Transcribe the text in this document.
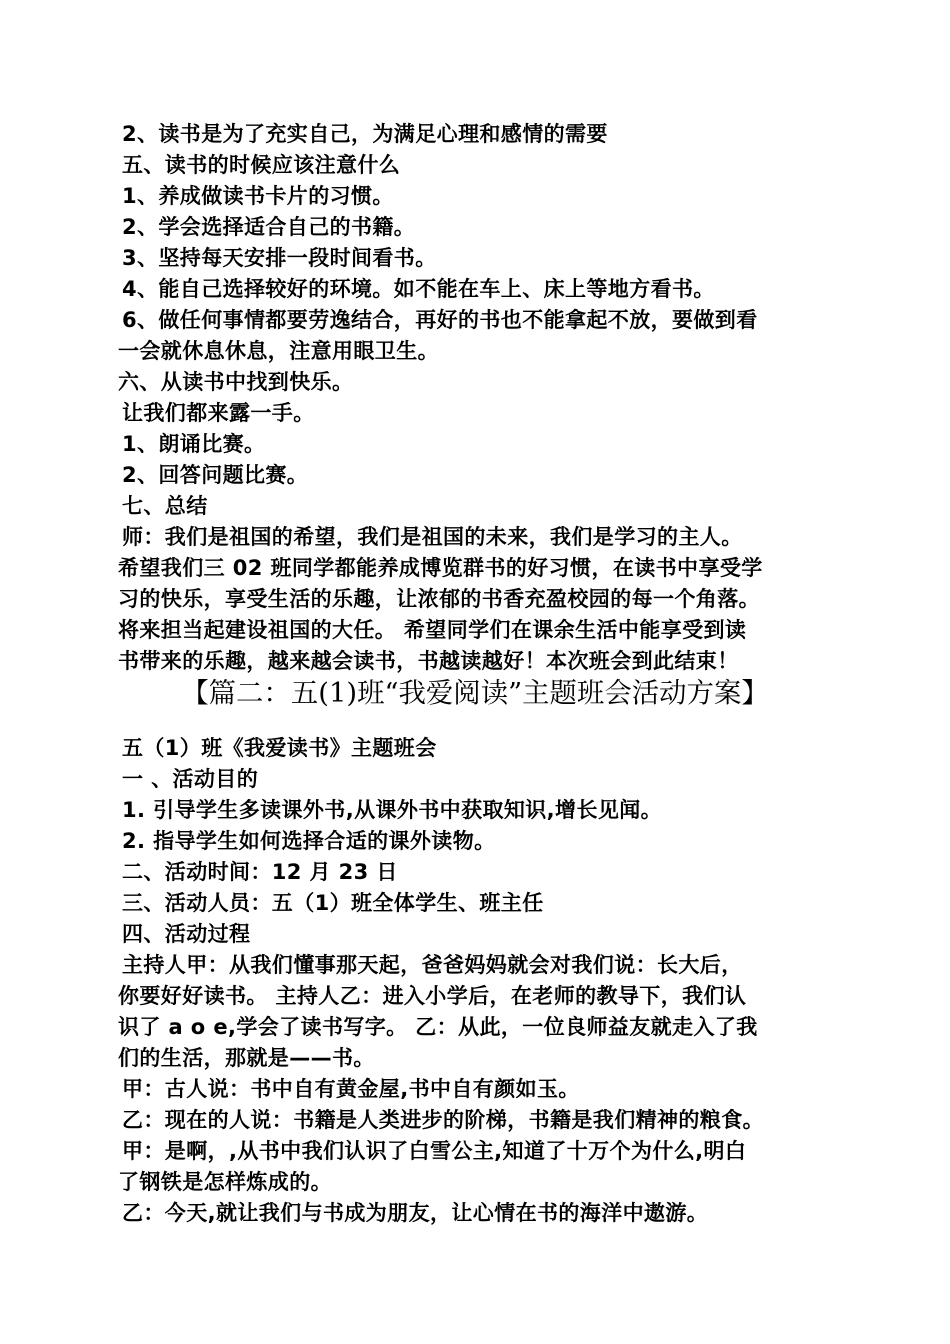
2、读书是为了充实自己，为满足心理和感情的需要
五、读书的时候应该注意什么
1、养成做读书卡片的习惯。
2、学会选择适合自己的书籍。
3、坚持每天安排一段时间看书。
4、能自己选择较好的环境。如不能在车上、床上等地方看书。
6、做任何事情都要劳逸结合，再好的书也不能拿起不放，要做到看
一会就休息休息，注意用眼卫生。
六、从读书中找到快乐。
让我们都来露一手。
1、朗诵比赛。
2、回答问题比赛。
七、总结
师：我们是祖国的希望，我们是祖国的未来，我们是学习的主人。
希望我们三 02 班同学都能养成博览群书的好习惯，在读书中享受学
习的快乐，享受生活的乐趣，让浓郁的书香充盈校园的每一个角落。
将来担当起建设祖国的大任。 希望同学们在课余生活中能享受到读
书带来的乐趣，越来越会读书，书越读越好！本次班会到此结束！
【篇二：五(1)班“我爱阅读”主题班会活动方案】
五（1）班《我爱读书》主题班会
一 、活动目的
1. 引导学生多读课外书,从课外书中获取知识,增长见闻。
2. 指导学生如何选择合适的课外读物。
二、活动时间：12 月 23 日
三、活动人员：五（1）班全体学生、班主任
四、活动过程
主持人甲：从我们懂事那天起，爸爸妈妈就会对我们说：长大后，
你要好好读书。 主持人乙：进入小学后，在老师的教导下，我们认
识了 a o e,学会了读书写字。 乙：从此，一位良师益友就走入了我
们的生活，那就是——书。
甲：古人说：书中自有黄金屋,书中自有颜如玉。
乙：现在的人说：书籍是人类进步的阶梯，书籍是我们精神的粮食。
甲：是啊，,从书中我们认识了白雪公主,知道了十万个为什么,明白
了钢铁是怎样炼成的。
乙：今天,就让我们与书成为朋友，让心情在书的海洋中遨游。
